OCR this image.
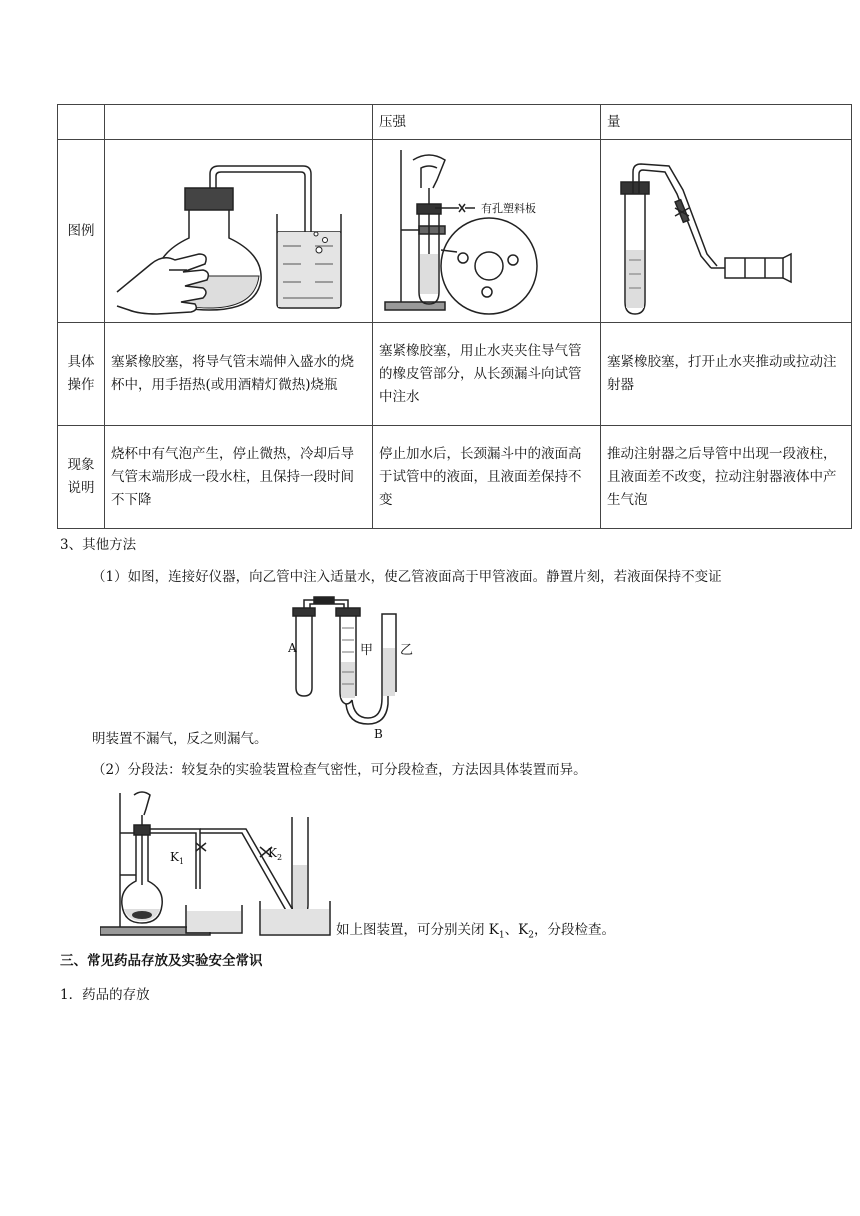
		压强	量
图例		有孔塑料板

具体操作	塞紧橡胶塞，将导气管末端伸入盛水的烧杯中，用手捂热(或用酒精灯微热)烧瓶	塞紧橡胶塞，用止水夹夹住导气管的橡皮管部分，从长颈漏斗向试管中注水	塞紧橡胶塞，打开止水夹推动或拉动注射器
现象说明	烧杯中有气泡产生，停止微热，冷却后导气管末端形成一段水柱，且保持一段时间不下降	停止加水后，长颈漏斗中的液面高于试管中的液面，且液面差保持不变	推动注射器之后导管中出现一段液柱，且液面差不改变，拉动注射器液体中产生气泡
3、其他方法
（1）如图，连接好仪器，向乙管中注入适量水，使乙管液面高于甲管液面。静置片刻，若液面保持不变证
A	甲 乙
B
明装置不漏气，反之则漏气。
（2）分段法：较复杂的实验装置检查气密性，可分段检查，方法因具体装置而异。
$K_1$
$K_2$
如上图装置，可分别关闭 $K_1$、$K_2$，分段检查。
三、常见药品存放及实验安全常识
1．药品的存放
